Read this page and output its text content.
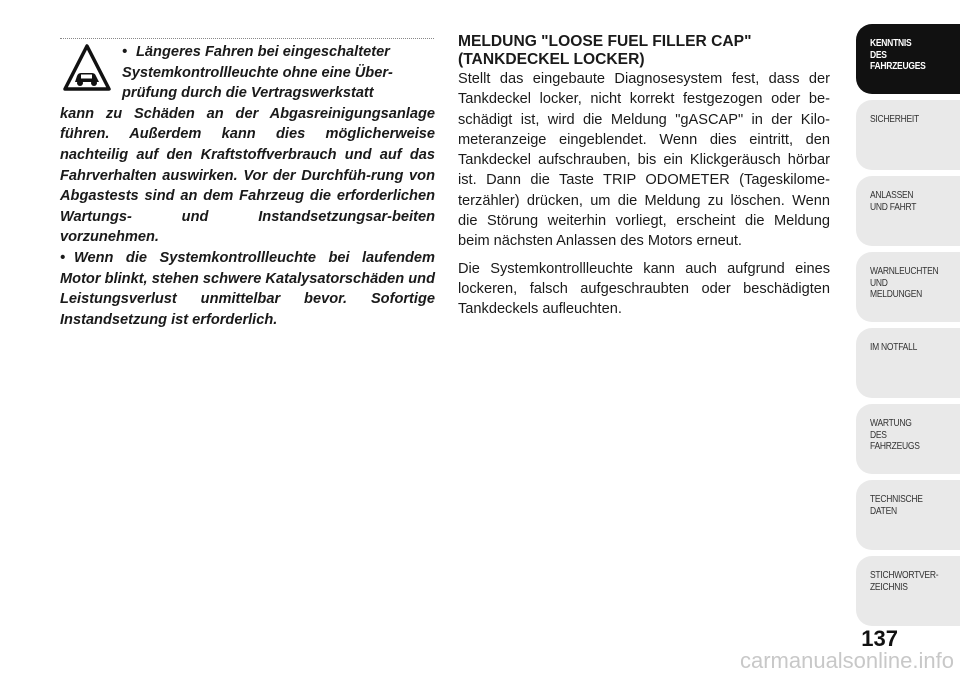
• Längeres Fahren bei eingeschalteter
Systemkontrollleuchte ohne eine Über-
prüfung durch die Vertragswerkstatt

kann zu Schäden an der Abgasreinigungsanlage führen. Außerdem kann dies möglicherweise nachteilig auf den Kraftstoffverbrauch und auf das Fahrverhalten auswirken. Vor der Durchfüh-rung von Abgastests sind an dem Fahrzeug die erforderlichen Wartungs- und Instandsetzungsar-beiten vorzunehmen.

• Wenn die Systemkontrollleuchte bei laufendem Motor blinkt, stehen schwere Katalysatorschäden und Leistungsverlust unmittelbar bevor. Sofortige Instandsetzung ist erforderlich.

MELDUNG "LOOSE FUEL FILLER CAP"
(TANKDECKEL LOCKER)

Stellt das eingebaute Diagnosesystem fest, dass der Tankdeckel locker, nicht korrekt festgezogen oder be-schädigt ist, wird die Meldung "gASCAP" in der Kilo-meteranzeige eingeblendet. Wenn dies eintritt, den Tankdeckel aufschrauben, bis ein Klickgeräusch hörbar ist. Dann die Taste TRIP ODOMETER (Tageskilome-terzähler) drücken, um die Meldung zu löschen. Wenn die Störung weiterhin vorliegt, erscheint die Meldung beim nächsten Anlassen des Motors erneut.

Die Systemkontrollleuchte kann auch aufgrund eines lockeren, falsch aufgeschraubten oder beschädigten Tankdeckels aufleuchten.

KENNTNIS
DES
FAHRZEUGES
SICHERHEIT
ANLASSEN
UND FAHRT
WARNLEUCHTEN
UND
MELDUNGEN
IM NOTFALL
WARTUNG
DES
FAHRZEUGS
TECHNISCHE
DATEN
STICHWORTVER-
ZEICHNIS
137
carmanualsonline.info
